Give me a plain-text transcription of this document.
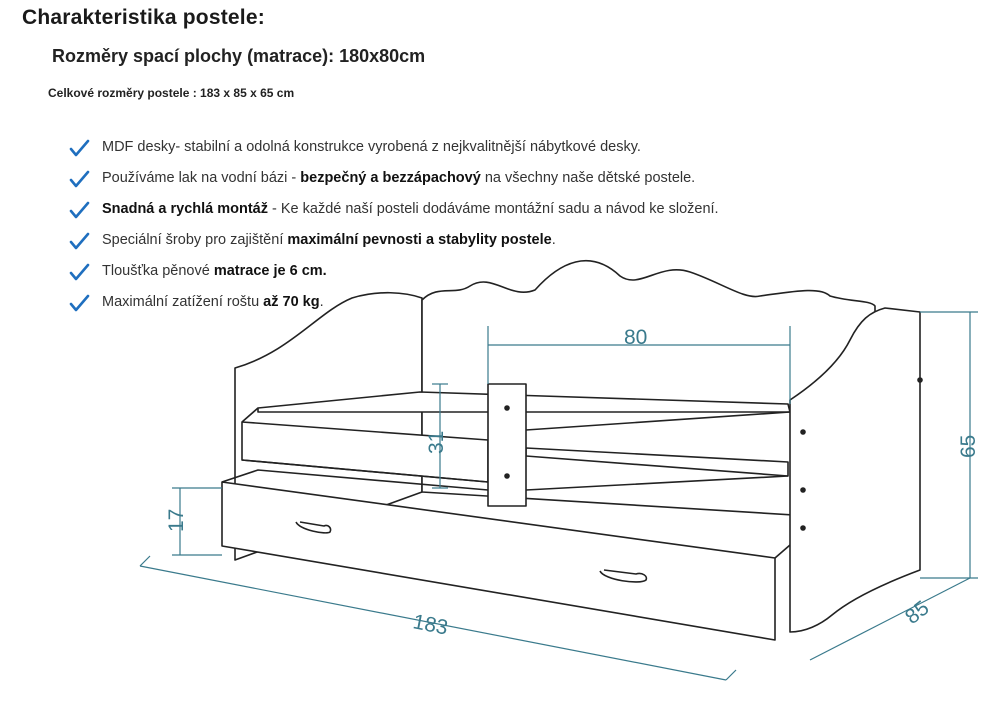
Charakteristika postele:
Rozměry spací plochy (matrace): 180x80cm
Celkové rozměry postele : 183 x 85 x 65 cm
MDF desky- stabilní a odolná konstrukce vyrobená z nejkvalitnější nábytkové desky.
Používáme lak na vodní bázi - bezpečný a bezzápachový na všechny naše dětské postele.
Snadná a rychlá montáž - Ke každé naší posteli dodáváme montážní sadu a návod ke složení.
Speciální šroby pro zajištění maximální pevnosti a stabylity postele.
Tloušťka pěnové matrace je 6 cm.
Maximální zatížení roštu až 70 kg.
80
31
17
183
65
85
